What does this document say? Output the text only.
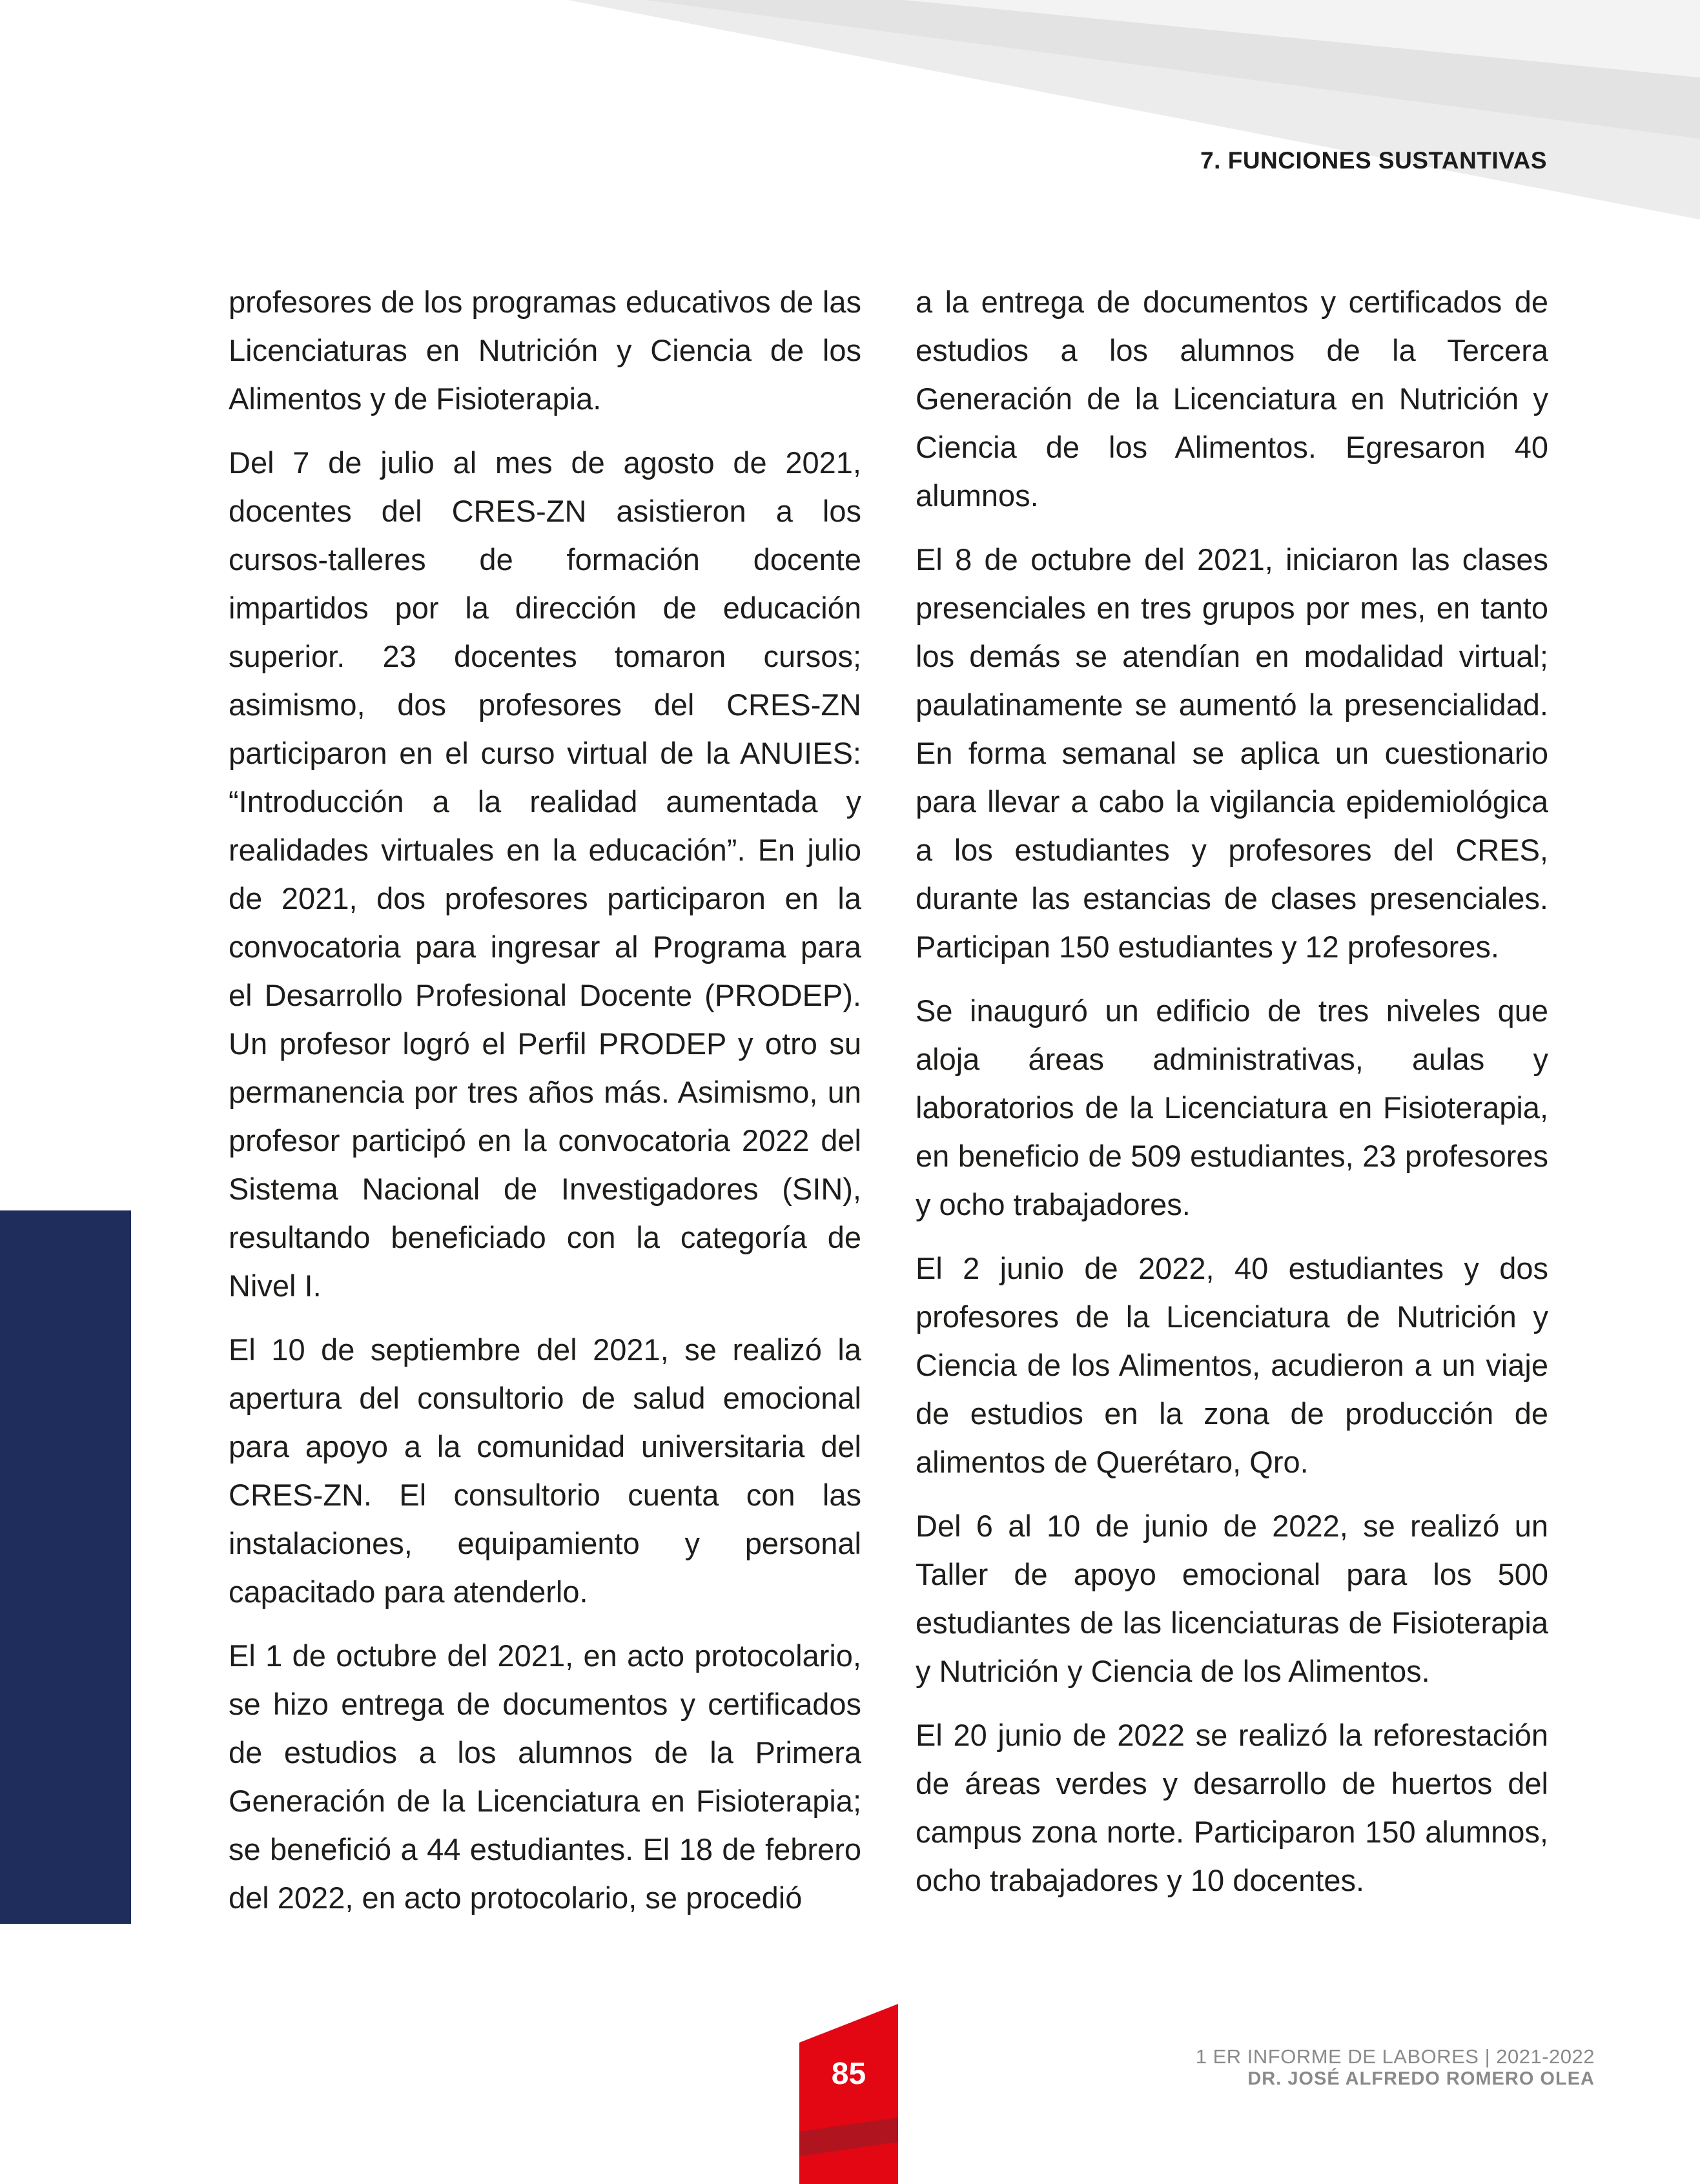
7. FUNCIONES SUSTANTIVAS

profesores de los programas educativos de las Licenciaturas en Nutrición y Ciencia de los Alimentos y de Fisioterapia.

Del 7 de julio al mes de agosto de 2021, docentes del CRES-ZN asistieron a los cursos-talleres de formación docente impartidos por la dirección de educación superior. 23 docentes tomaron cursos; asimismo, dos profesores del CRES-ZN participaron en el curso virtual de la ANUIES: “Introducción a la realidad aumentada y realidades virtuales en la educación”. En julio de 2021, dos profesores participaron en la convocatoria para ingresar al Programa para el Desarrollo Profesional Docente (PRODEP). Un profesor logró el Perfil PRODEP y otro su permanencia por tres años más. Asimismo, un profesor participó en la convocatoria 2022 del Sistema Nacional de Investigadores (SIN), resultando beneficiado con la categoría de Nivel I.

El 10 de septiembre del 2021, se realizó la apertura del consultorio de salud emocional para apoyo a la comunidad universitaria del CRES-ZN. El consultorio cuenta con las instalaciones, equipamiento y personal capacitado para atenderlo.

El 1 de octubre del 2021, en acto protocolario, se hizo entrega de documentos y certificados de estudios a los alumnos de la Primera Generación de la Licenciatura en Fisioterapia; se benefició a 44 estudiantes. El 18 de febrero del 2022, en acto protocolario, se procedió

a la entrega de documentos y certificados de estudios a los alumnos de la Tercera Generación de la Licenciatura en Nutrición y Ciencia de los Alimentos. Egresaron 40 alumnos.

El 8 de octubre del 2021, iniciaron las clases presenciales en tres grupos por mes, en tanto los demás se atendían en modalidad virtual; paulatinamente se aumentó la presencialidad. En forma semanal se aplica un cuestionario para llevar a cabo la vigilancia epidemiológica a los estudiantes y profesores del CRES, durante las estancias de clases presenciales. Participan 150 estudiantes y 12 profesores.

Se inauguró un edificio de tres niveles que aloja áreas administrativas, aulas y laboratorios de la Licenciatura en Fisioterapia, en beneficio de 509 estudiantes, 23 profesores y ocho trabajadores.

El 2 junio de 2022, 40 estudiantes y dos profesores de la Licenciatura de Nutrición y Ciencia de los Alimentos, acudieron a un viaje de estudios en la zona de producción de alimentos de Querétaro, Qro.

Del 6 al 10 de junio de 2022, se realizó un Taller de apoyo emocional para los 500 estudiantes de las licenciaturas de Fisioterapia y Nutrición y Ciencia de los Alimentos.

El 20 junio de 2022 se realizó la reforestación de áreas verdes y desarrollo de huertos del campus zona norte. Participaron 150 alumnos, ocho trabajadores y 10 docentes.

85

1 ER INFORME DE LABORES | 2021-2022

DR. JOSÉ ALFREDO ROMERO OLEA
